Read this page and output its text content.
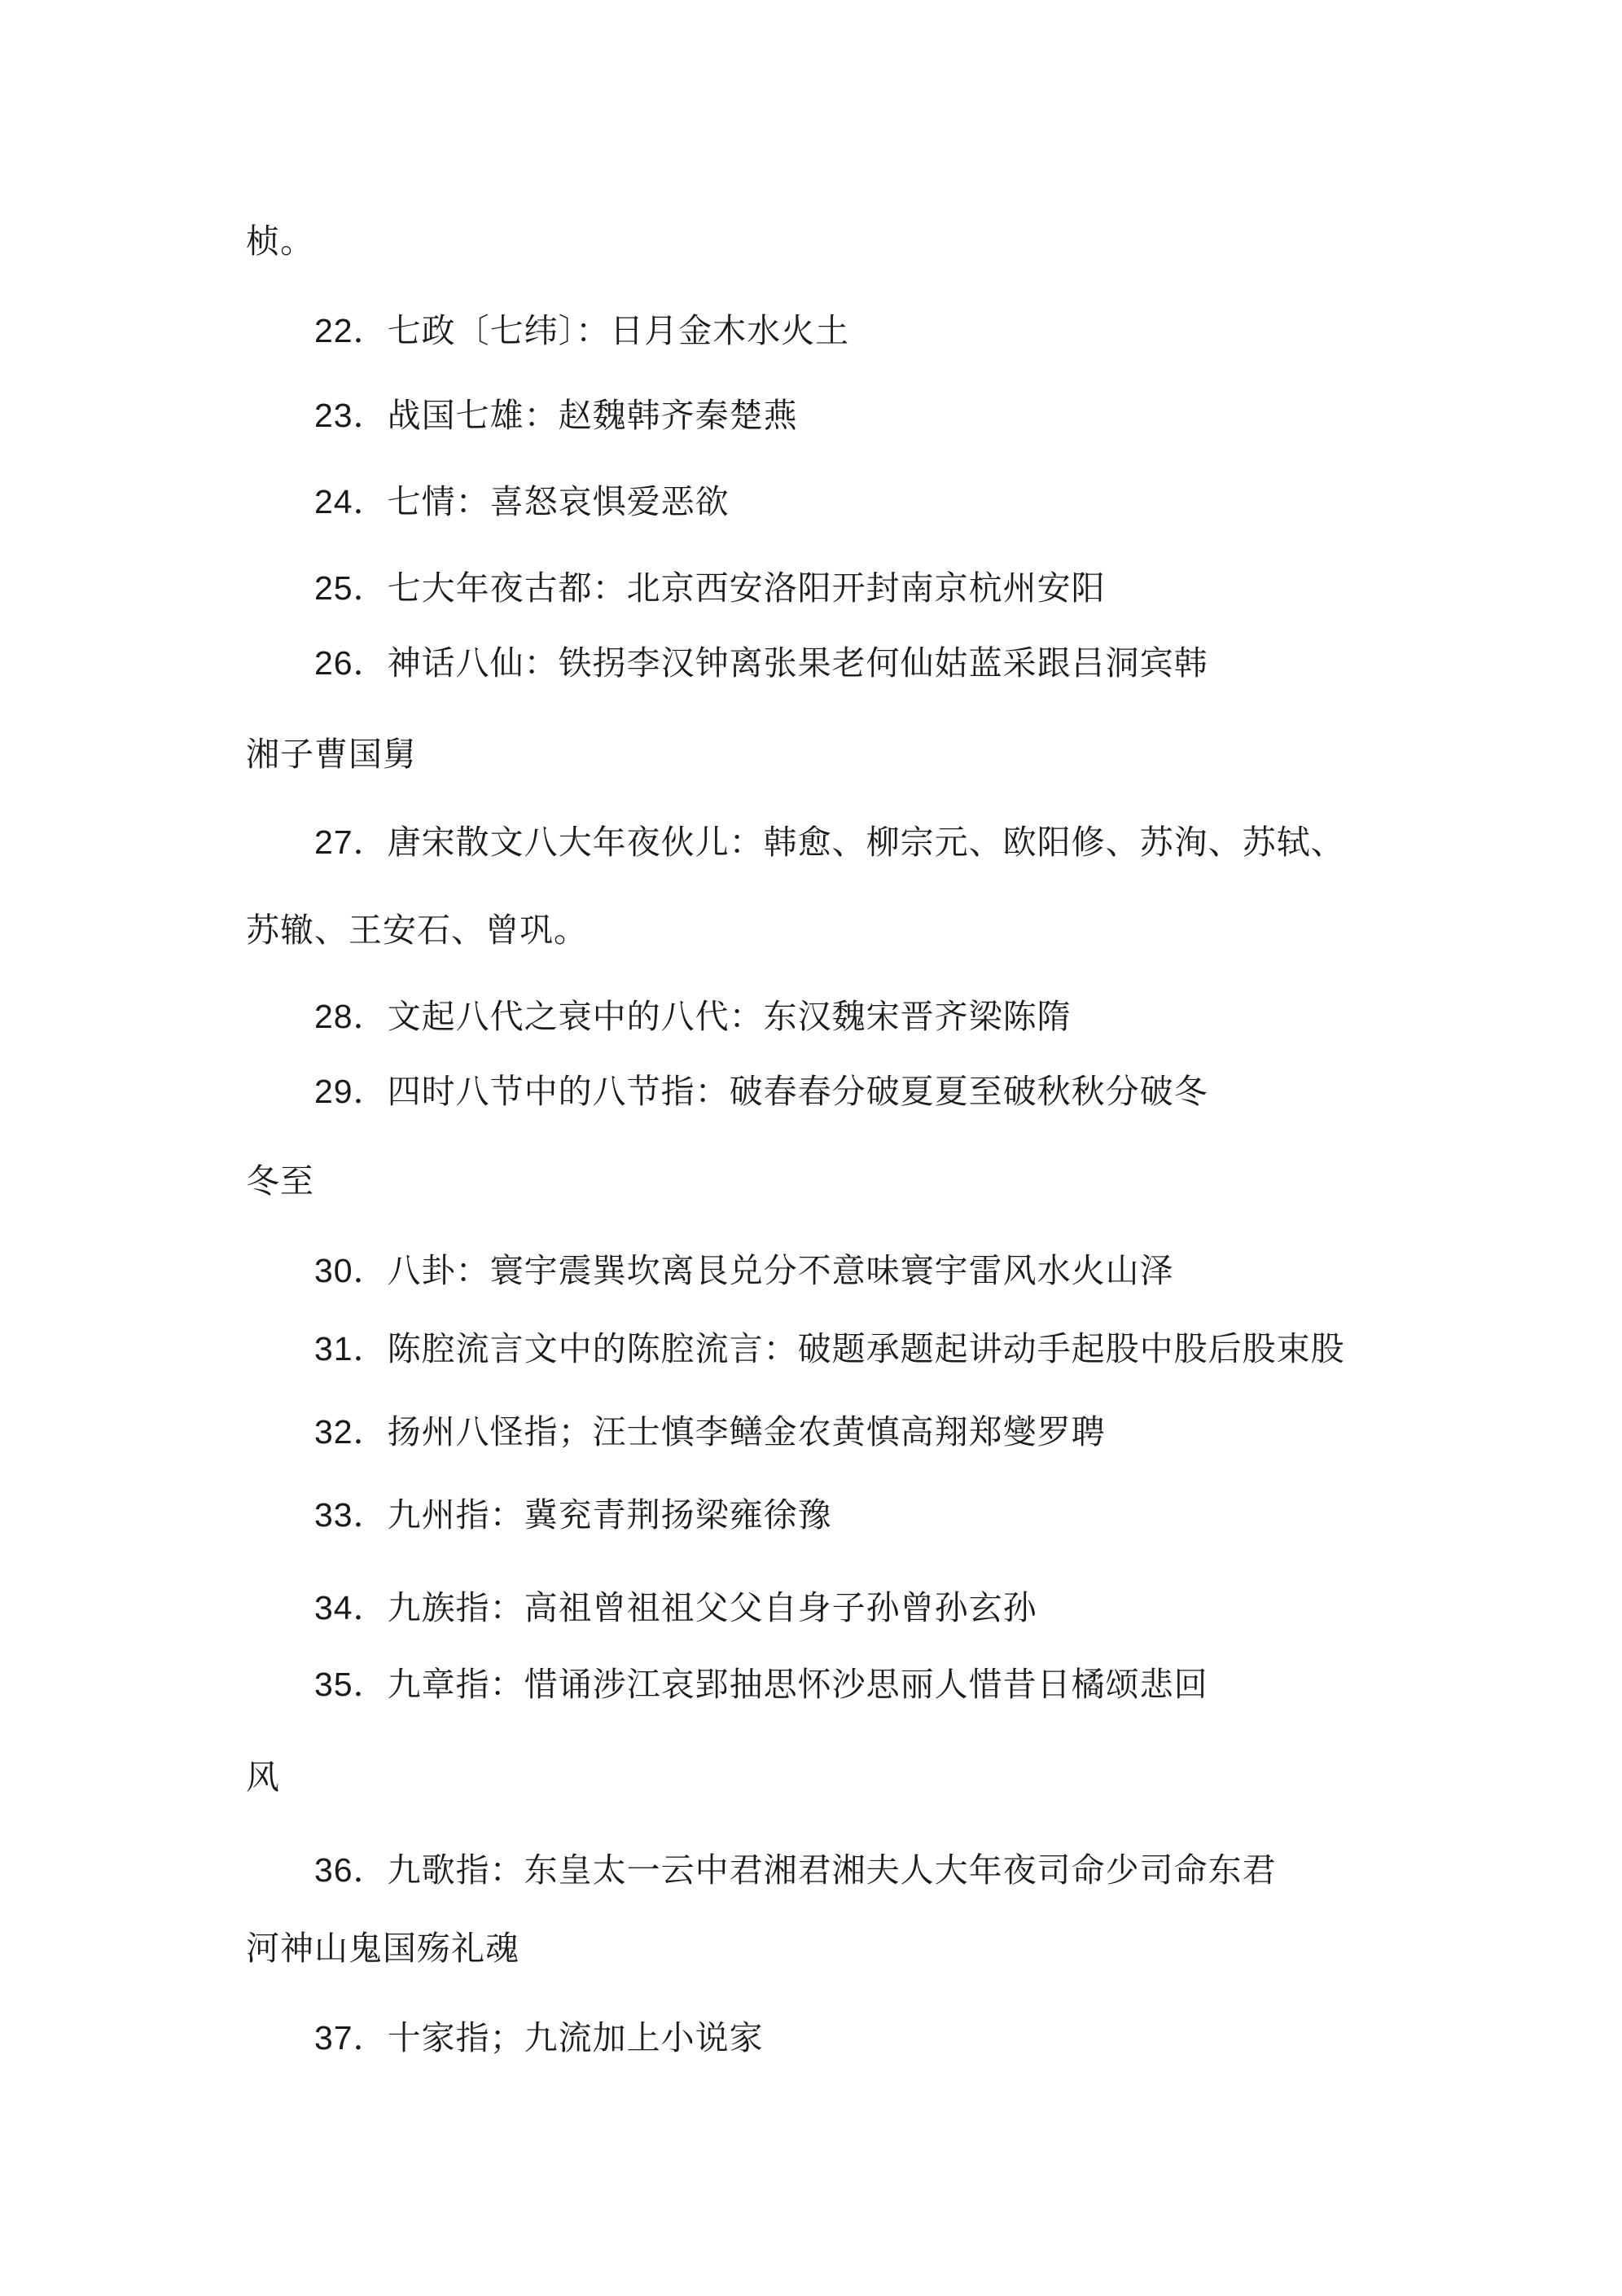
桢。
22．七政〔七纬〕：日月金木水火土
23．战国七雄：赵魏韩齐秦楚燕
24．七情：喜怒哀惧爱恶欲
25．七大年夜古都：北京西安洛阳开封南京杭州安阳
26．神话八仙：铁拐李汉钟离张果老何仙姑蓝采跟吕洞宾韩
湘子曹国舅
27．唐宋散文八大年夜伙儿：韩愈、柳宗元、欧阳修、苏洵、苏轼、
苏辙、王安石、曾巩。
28．文起八代之衰中的八代：东汉魏宋晋齐梁陈隋
29．四时八节中的八节指：破春春分破夏夏至破秋秋分破冬
冬至
30．八卦：寰宇震巽坎离艮兑分不意味寰宇雷风水火山泽
31．陈腔流言文中的陈腔流言：破题承题起讲动手起股中股后股束股
32．扬州八怪指；汪士慎李鳝金农黄慎高翔郑燮罗聘
33．九州指：冀兖青荆扬梁雍徐豫
34．九族指：高祖曾祖祖父父自身子孙曾孙玄孙
35．九章指：惜诵涉江哀郢抽思怀沙思丽人惜昔日橘颂悲回
风
36．九歌指：东皇太一云中君湘君湘夫人大年夜司命少司命东君
河神山鬼国殇礼魂
37．十家指；九流加上小说家
